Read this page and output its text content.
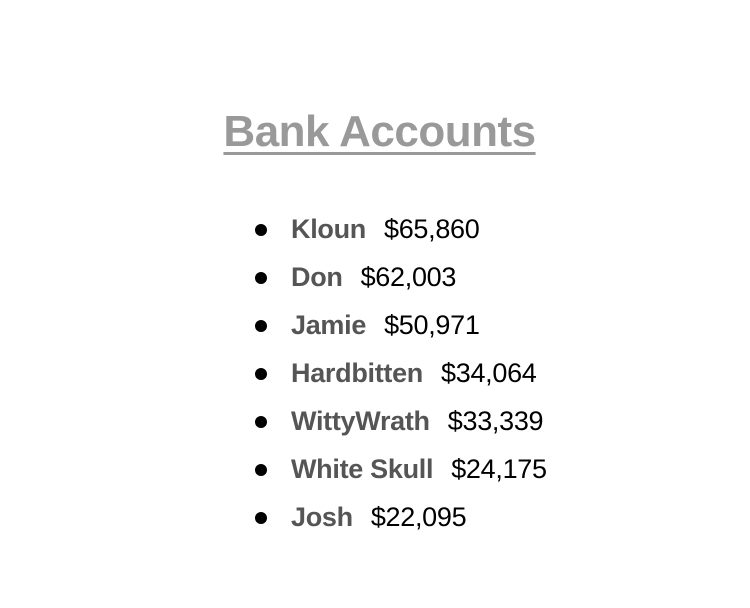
Bank Accounts
Kloun $65,860
Don $62,003
Jamie $50,971
Hardbitten $34,064
WittyWrath $33,339
White Skull $24,175
Josh $22,095
